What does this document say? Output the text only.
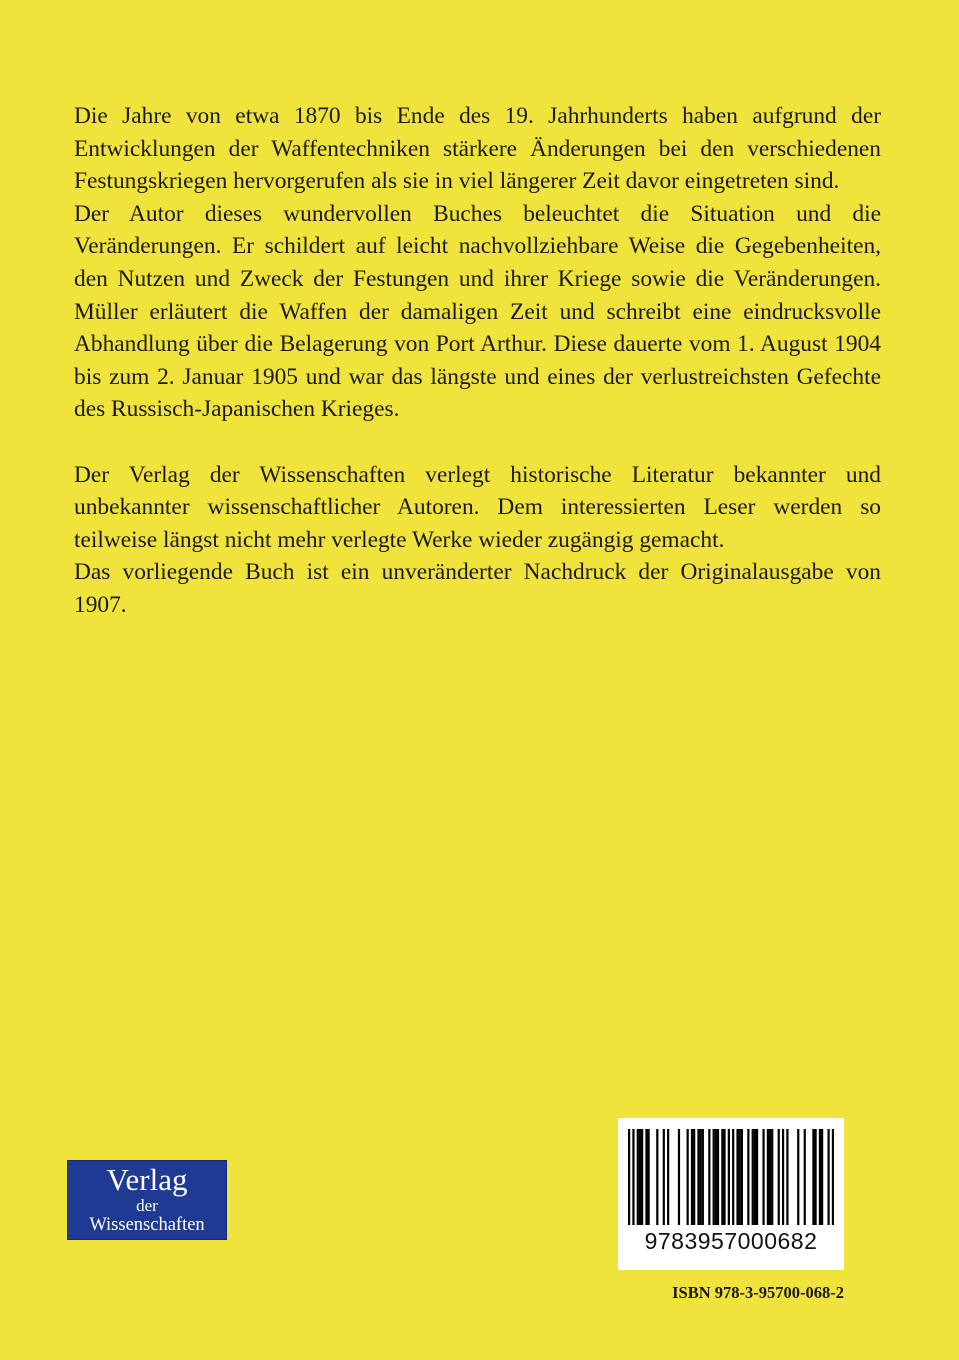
Die Jahre von etwa 1870 bis Ende des 19. Jahrhunderts haben aufgrund der Entwicklungen der Waffentechniken stärkere Änderungen bei den verschiedenen Festungskriegen hervorgerufen als sie in viel längerer Zeit davor eingetreten sind.

Der Autor dieses wundervollen Buches beleuchtet die Situation und die Veränderungen. Er schildert auf leicht nachvollziehbare Weise die Gegebenheiten, den Nutzen und Zweck der Festungen und ihrer Kriege sowie die Veränderungen. Müller erläutert die Waffen der damaligen Zeit und schreibt eine eindrucksvolle Abhandlung über die Belagerung von Port Arthur. Diese dauerte vom 1. August 1904 bis zum 2. Januar 1905 und war das längste und eines der verlustreichsten Gefechte des Russisch-Japanischen Krieges.

Der Verlag der Wissenschaften verlegt historische Literatur bekannter und unbekannter wissenschaftlicher Autoren. Dem interessierten Leser werden so teilweise längst nicht mehr verlegte Werke wieder zugängig gemacht.

Das vorliegende Buch ist ein unveränderter Nachdruck der Originalausgabe von 1907.

Verlag
der
Wissenschaften
9783957000682
ISBN 978-3-95700-068-2
